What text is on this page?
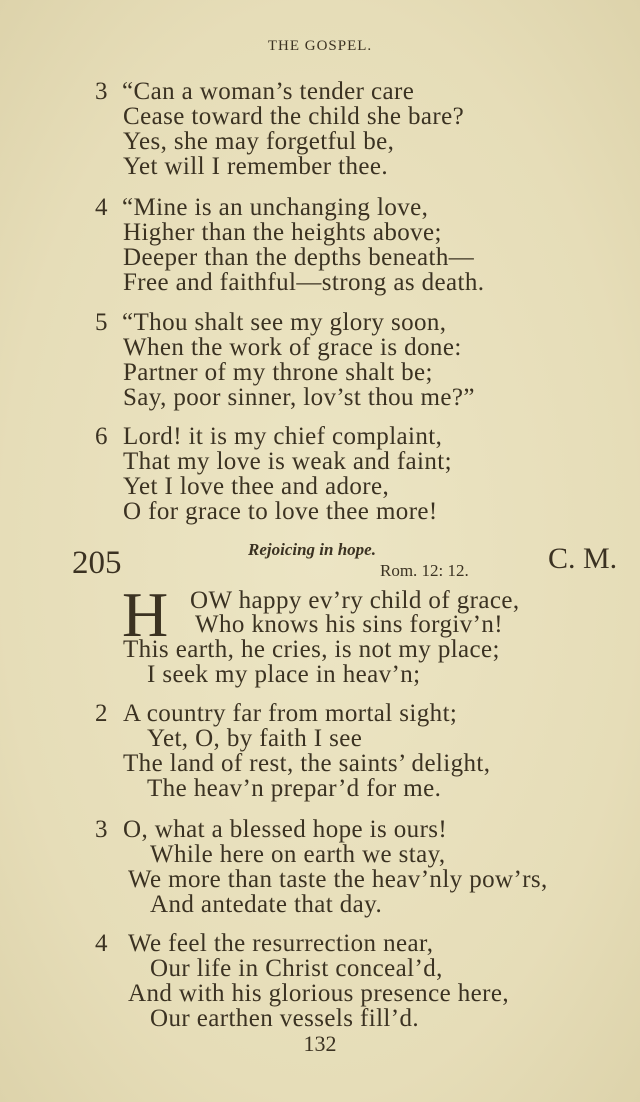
THE GOSPEL.
3 “Can a woman’s tender care
Cease toward the child she bare?
Yes, she may forgetful be,
Yet will I remember thee.
4 “Mine is an unchanging love,
Higher than the heights above;
Deeper than the depths beneath—
Free and faithful—strong as death.
5 “Thou shalt see my glory soon,
When the work of grace is done:
Partner of my throne shalt be;
Say, poor sinner, lov’st thou me?”
6 Lord! it is my chief complaint,
That my love is weak and faint;
Yet I love thee and adore,
O for grace to love thee more!
205	Rejoicing in hope.
Rom. 12: 12.	C. M.
H OW happy ev’ry child of grace,
Who knows his sins forgiv’n!
This earth, he cries, is not my place;
I seek my place in heav’n;
2 A country far from mortal sight;
Yet, O, by faith I see
The land of rest, the saints’ delight,
The heav’n prepar’d for me.
3 O, what a blessed hope is ours!
While here on earth we stay,
We more than taste the heav’nly pow’rs,
And antedate that day.
4 We feel the resurrection near,
Our life in Christ conceal’d,
And with his glorious presence here,
Our earthen vessels fill’d.
132
